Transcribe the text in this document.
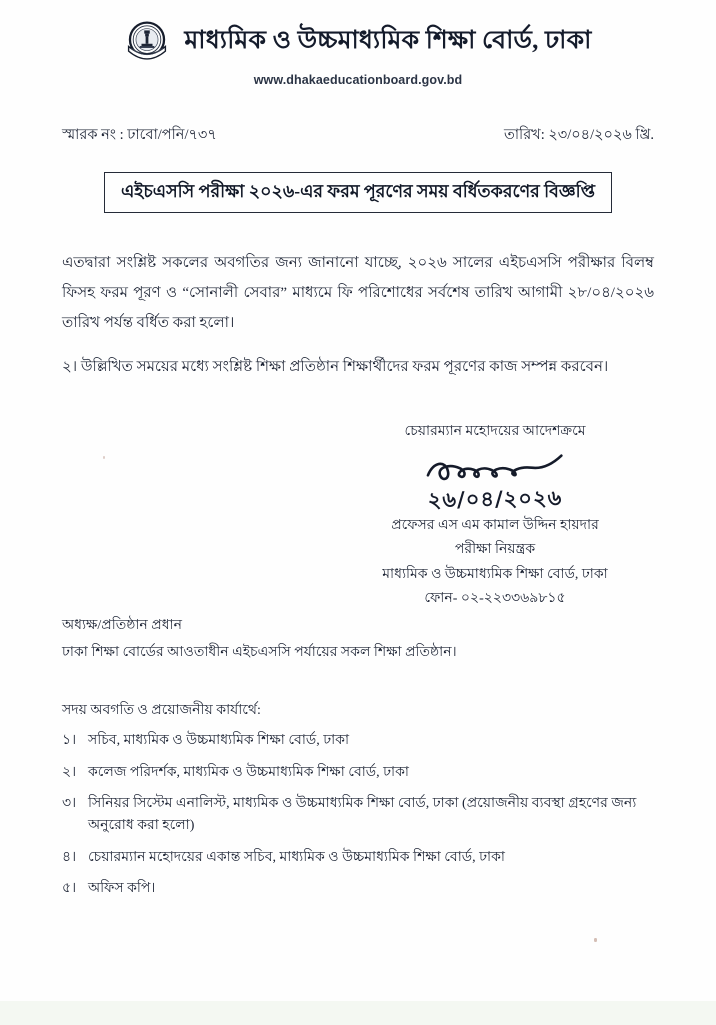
মাধ্যমিক ও উচ্চমাধ্যমিক শিক্ষা বোর্ড, ঢাকা
www.dhakaeducationboard.gov.bd
স্মারক নং : ঢাবো/পনি/৭৩৭	তারিখ: ২৩/০৪/২০২৬ খ্রি.
এইচএসসি পরীক্ষা ২০২৬-এর ফরম পূরণের সময় বর্ধিতকরণের বিজ্ঞপ্তি

এতদ্বারা সংশ্লিষ্ট সকলের অবগতির জন্য জানানো যাচ্ছে, ২০২৬ সালের এইচএসসি পরীক্ষার বিলম্ব ফিসহ ফরম পূরণ ও “সোনালী সেবার” মাধ্যমে ফি পরিশোধের সর্বশেষ তারিখ আগামী ২৮/০৪/২০২৬ তারিখ পর্যন্ত বর্ধিত করা হলো।

২। উল্লিখিত সময়ের মধ্যে সংশ্লিষ্ট শিক্ষা প্রতিষ্ঠান শিক্ষার্থীদের ফরম পূরণের কাজ সম্পন্ন করবেন।
চেয়ারম্যান মহোদয়ের আদেশক্রমে
২৬/০৪/২০২৬
প্রফেসর এস এম কামাল উদ্দিন হায়দার
পরীক্ষা নিয়ন্ত্রক
মাধ্যমিক ও উচ্চমাধ্যমিক শিক্ষা বোর্ড, ঢাকা
ফোন- ০২-২২৩৩৬৯৮১৫
অধ্যক্ষ/প্রতিষ্ঠান প্রধান
ঢাকা শিক্ষা বোর্ডের আওতাধীন এইচএসসি পর্যায়ের সকল শিক্ষা প্রতিষ্ঠান।
সদয় অবগতি ও প্রয়োজনীয় কার্যার্থে:
১। সচিব, মাধ্যমিক ও উচ্চমাধ্যমিক শিক্ষা বোর্ড, ঢাকা
২। কলেজ পরিদর্শক, মাধ্যমিক ও উচ্চমাধ্যমিক শিক্ষা বোর্ড, ঢাকা
৩। সিনিয়র সিস্টেম এনালিস্ট, মাধ্যমিক ও উচ্চমাধ্যমিক শিক্ষা বোর্ড, ঢাকা (প্রয়োজনীয় ব্যবস্থা গ্রহণের জন্য অনুরোধ করা হলো)
৪। চেয়ারম্যান মহোদয়ের একান্ত সচিব, মাধ্যমিক ও উচ্চমাধ্যমিক শিক্ষা বোর্ড, ঢাকা
৫। অফিস কপি।
